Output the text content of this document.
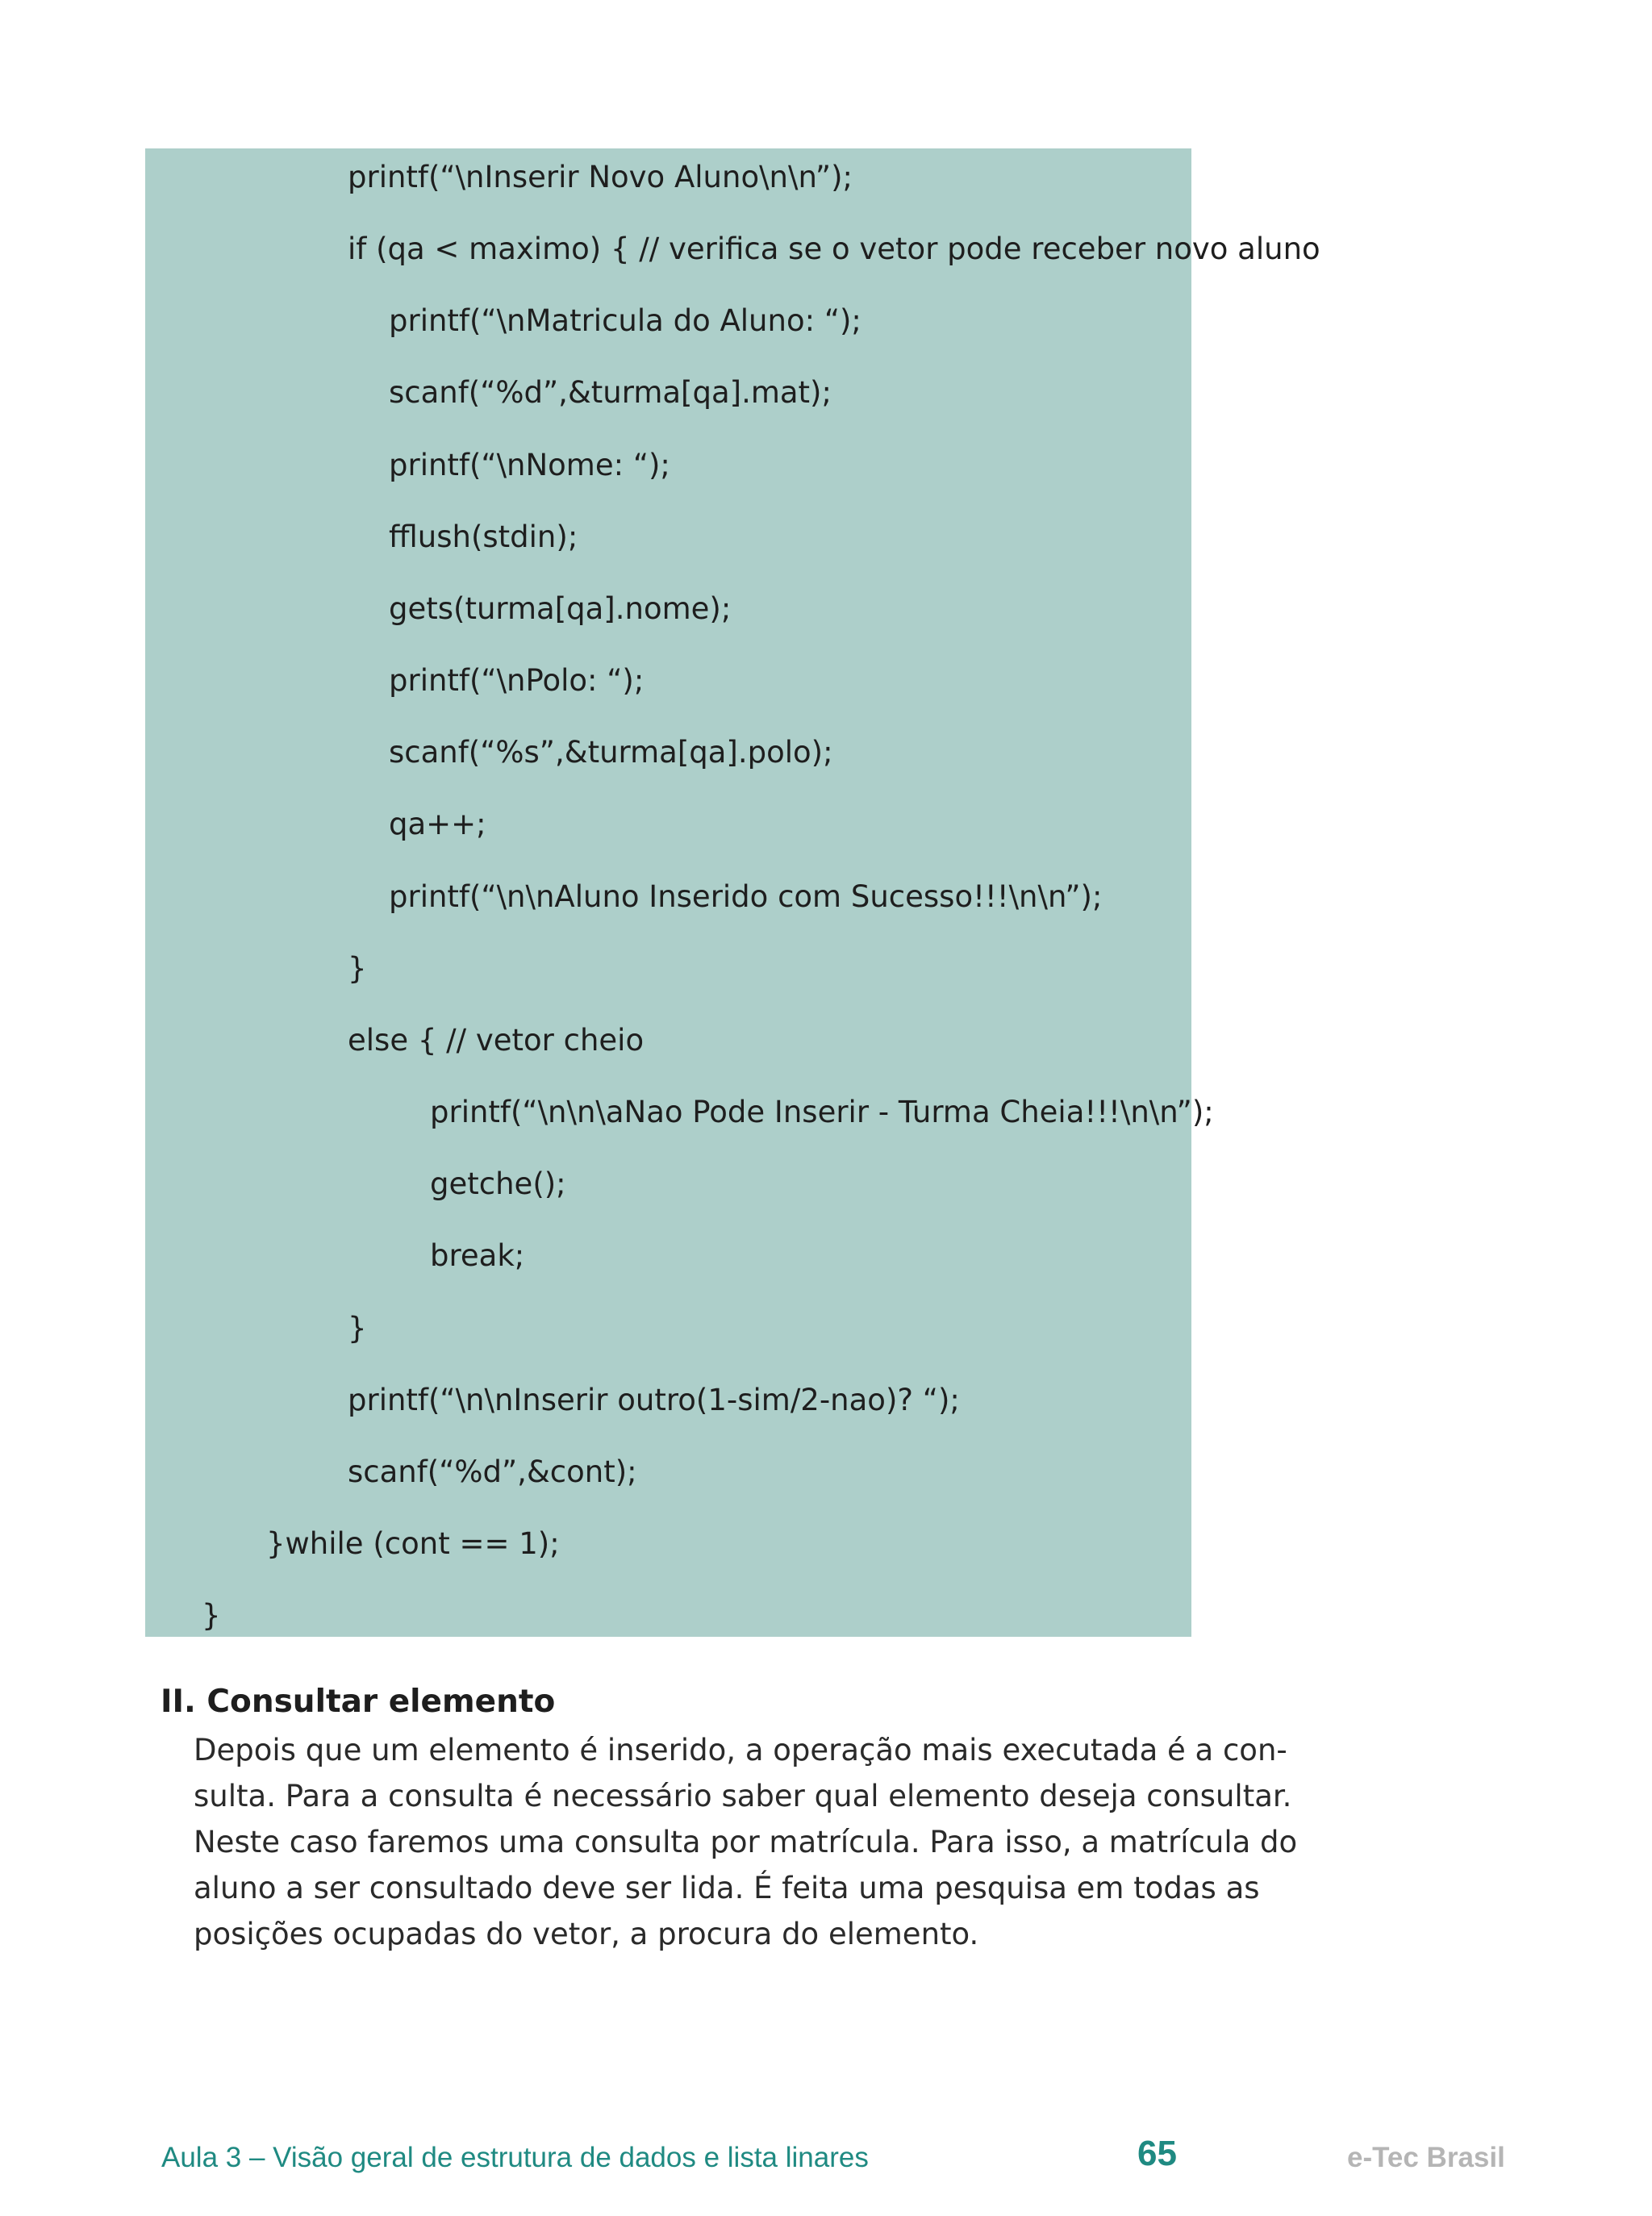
printf(“\nInserir Novo Aluno\n\n”);
if (qa < maximo) { // verifica se o vetor pode receber novo aluno
printf(“\nMatricula do Aluno: “);
scanf(“%d”,&turma[qa].mat);
printf(“\nNome: “);
fflush(stdin);
gets(turma[qa].nome);
printf(“\nPolo: “);
scanf(“%s”,&turma[qa].polo);
qa++;
printf(“\n\nAluno Inserido com Sucesso!!!\n\n”);
}
else { // vetor cheio
printf(“\n\n\aNao Pode Inserir - Turma Cheia!!!\n\n”);
getche();
break;
}
printf(“\n\nInserir outro(1-sim/2-nao)? “);
scanf(“%d”,&cont);
}while (cont == 1);
}
II. Consultar elemento
Depois que um elemento é inserido, a operação mais executada é a con-
sulta. Para a consulta é necessário saber qual elemento deseja consultar.
Neste caso faremos uma consulta por matrícula. Para isso, a matrícula do
aluno a ser consultado deve ser lida. É feita uma pesquisa em todas as
posições ocupadas do vetor, a procura do elemento.
Aula 3 – Visão geral de estrutura de dados e lista linares	65	e-Tec Brasil
